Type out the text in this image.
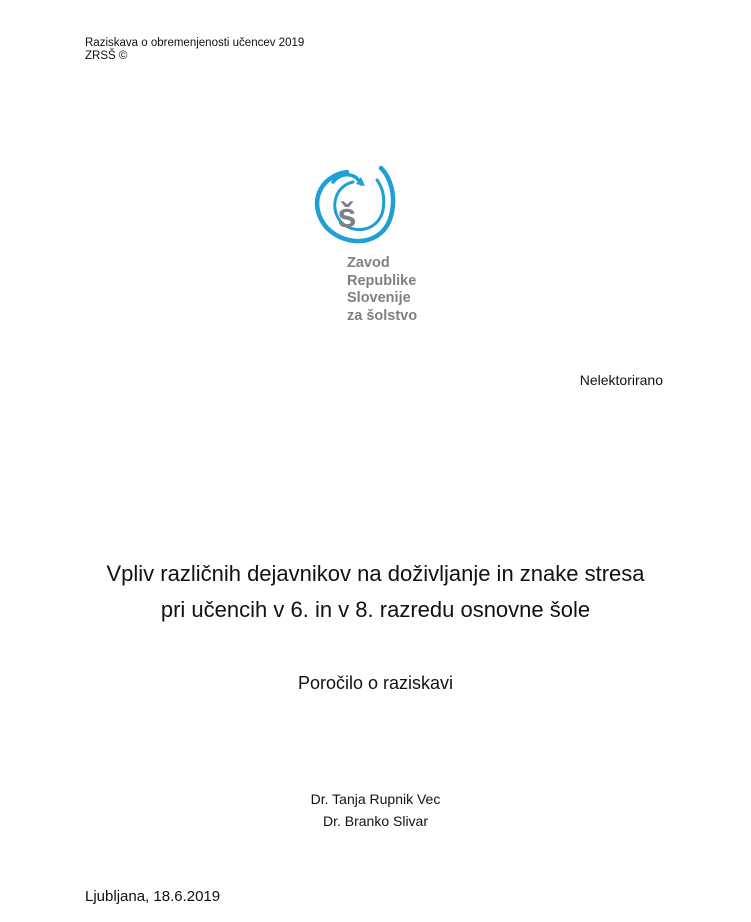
Raziskava o obremenjenosti učencev 2019
ZRSŠ ©
š
Zavod
Republike
Slovenije
za šolstvo
Nelektorirano
Vpliv različnih dejavnikov na doživljanje in znake stresa
pri učencih v 6. in v 8. razredu osnovne šole
Poročilo o raziskavi
Dr. Tanja Rupnik Vec
Dr. Branko Slivar
Ljubljana, 18.6.2019
